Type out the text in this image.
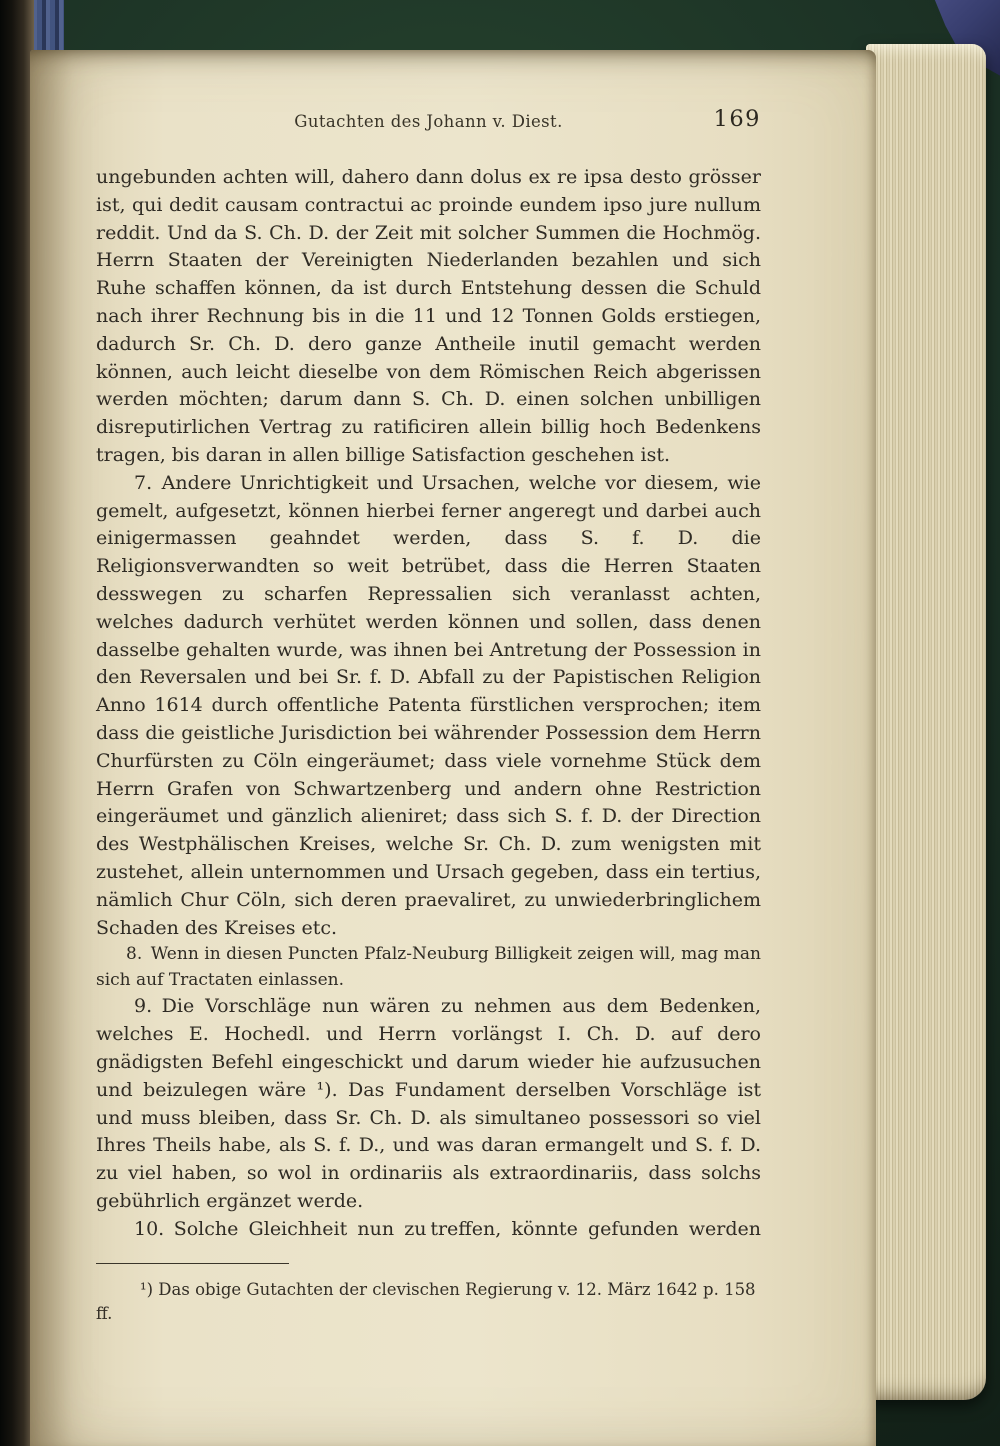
Gutachten des Johann v. Diest.	169

ungebunden achten will, dahero dann dolus ex re ipsa desto grösser ist, qui dedit causam contractui ac proinde eundem ipso jure nullum reddit. Und da S. Ch. D. der Zeit mit solcher Summen die Hochmög. Herrn Staaten der Vereinigten Niederlanden bezahlen und sich Ruhe schaffen können, da ist durch Entstehung dessen die Schuld nach ihrer Rechnung bis in die 11 und 12 Tonnen Golds erstiegen, dadurch Sr. Ch. D. dero ganze Antheile inutil gemacht werden können, auch leicht dieselbe von dem Römischen Reich abgerissen werden möchten; darum dann S. Ch. D. einen solchen unbilligen disreputirlichen Vertrag zu ratificiren allein billig hoch Bedenkens tragen, bis daran in allen billige Satisfaction geschehen ist.

7. Andere Unrichtigkeit und Ursachen, welche vor diesem, wie gemelt, aufgesetzt, können hierbei ferner angeregt und darbei auch einigermassen geahndet werden, dass S. f. D. die Religionsverwandten so weit betrübet, dass die Herren Staaten desswegen zu scharfen Repressalien sich veranlasst achten, welches dadurch verhütet werden können und sollen, dass denen dasselbe gehalten wurde, was ihnen bei Antretung der Possession in den Reversalen und bei Sr. f. D. Abfall zu der Papistischen Religion Anno 1614 durch offentliche Patenta fürstlichen versprochen; item dass die geistliche Jurisdiction bei währender Possession dem Herrn Churfürsten zu Cöln eingeräumet; dass viele vornehme Stück dem Herrn Grafen von Schwartzenberg und andern ohne Restriction eingeräumet und gänzlich alieniret; dass sich S. f. D. der Direction des Westphälischen Kreises, welche Sr. Ch. D. zum wenigsten mit zustehet, allein unternommen und Ursach gegeben, dass ein tertius, nämlich Chur Cöln, sich deren praevaliret, zu unwiederbringlichem Schaden des Kreises etc.

8. Wenn in diesen Puncten Pfalz-Neuburg Billigkeit zeigen will, mag man sich auf Tractaten einlassen.

9. Die Vorschläge nun wären zu nehmen aus dem Bedenken, welches E. Hochedl. und Herrn vorlängst I. Ch. D. auf dero gnädigsten Befehl eingeschickt und darum wieder hie aufzusuchen und beizulegen wäre ¹). Das Fundament derselben Vorschläge ist und muss bleiben, dass Sr. Ch. D. als simultaneo possessori so viel Ihres Theils habe, als S. f. D., und was daran ermangelt und S. f. D. zu viel haben, so wol in ordinariis als extraordinariis, dass solchs gebührlich ergänzet werde.

10. Solche Gleichheit nun zu treffen, könnte gefunden werden

¹) Das obige Gutachten der clevischen Regierung v. 12. März 1642 p. 158 ff.
